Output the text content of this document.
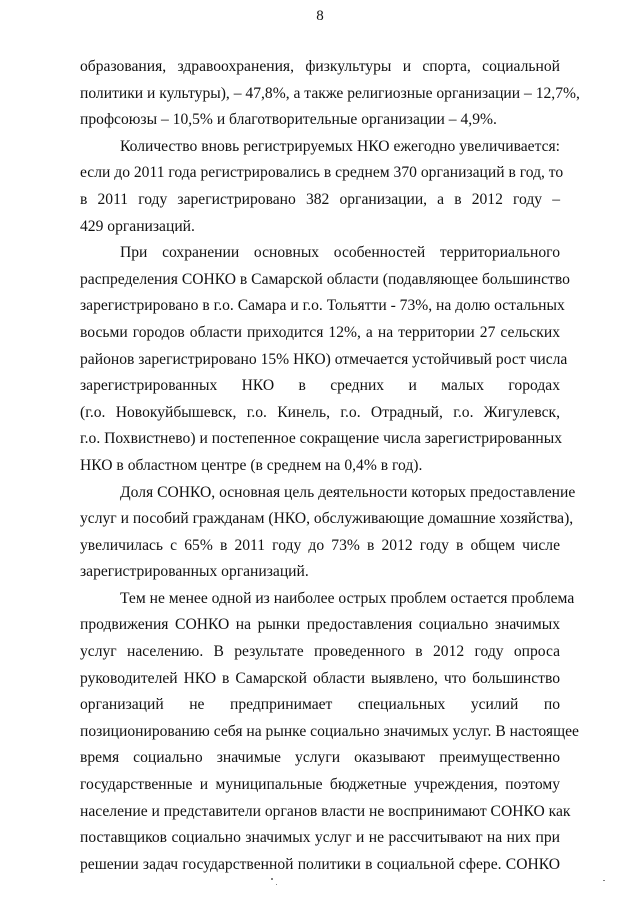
8
образования, здравоохранения, физкультуры и спорта, социальной
политики и культуры), – 47,8%, а также религиозные организации – 12,7%,
профсоюзы – 10,5% и благотворительные организации – 4,9%.
Количество вновь регистрируемых НКО ежегодно увеличивается:
если до 2011 года регистрировались в среднем 370 организаций в год, то
в 2011 году зарегистрировано 382 организации, а в 2012 году –
429 организаций.
При сохранении основных особенностей территориального
распределения СОНКО в Самарской области (подавляющее большинство
зарегистрировано в г.о. Самара и г.о. Тольятти - 73%, на долю остальных
восьми городов области приходится 12%, а на территории 27 сельских
районов зарегистрировано 15% НКО) отмечается устойчивый рост числа
зарегистрированных НКО в средних и малых городах
(г.о. Новокуйбышевск, г.о. Кинель, г.о. Отрадный, г.о. Жигулевск,
г.о. Похвистнево) и постепенное сокращение числа зарегистрированных
НКО в областном центре (в среднем на 0,4% в год).
Доля СОНКО, основная цель деятельности которых предоставление
услуг и пособий гражданам (НКО, обслуживающие домашние хозяйства),
увеличилась с 65% в 2011 году до 73% в 2012 году в общем числе
зарегистрированных организаций.
Тем не менее одной из наиболее острых проблем остается проблема
продвижения СОНКО на рынки предоставления социально значимых
услуг населению. В результате проведенного в 2012 году опроса
руководителей НКО в Самарской области выявлено, что большинство
организаций не предпринимает специальных усилий по
позиционированию себя на рынке социально значимых услуг. В настоящее
время социально значимые услуги оказывают преимущественно
государственные и муниципальные бюджетные учреждения, поэтому
население и представители органов власти не воспринимают СОНКО как
поставщиков социально значимых услуг и не рассчитывают на них при
решении задач государственной политики в социальной сфере. СОНКО
